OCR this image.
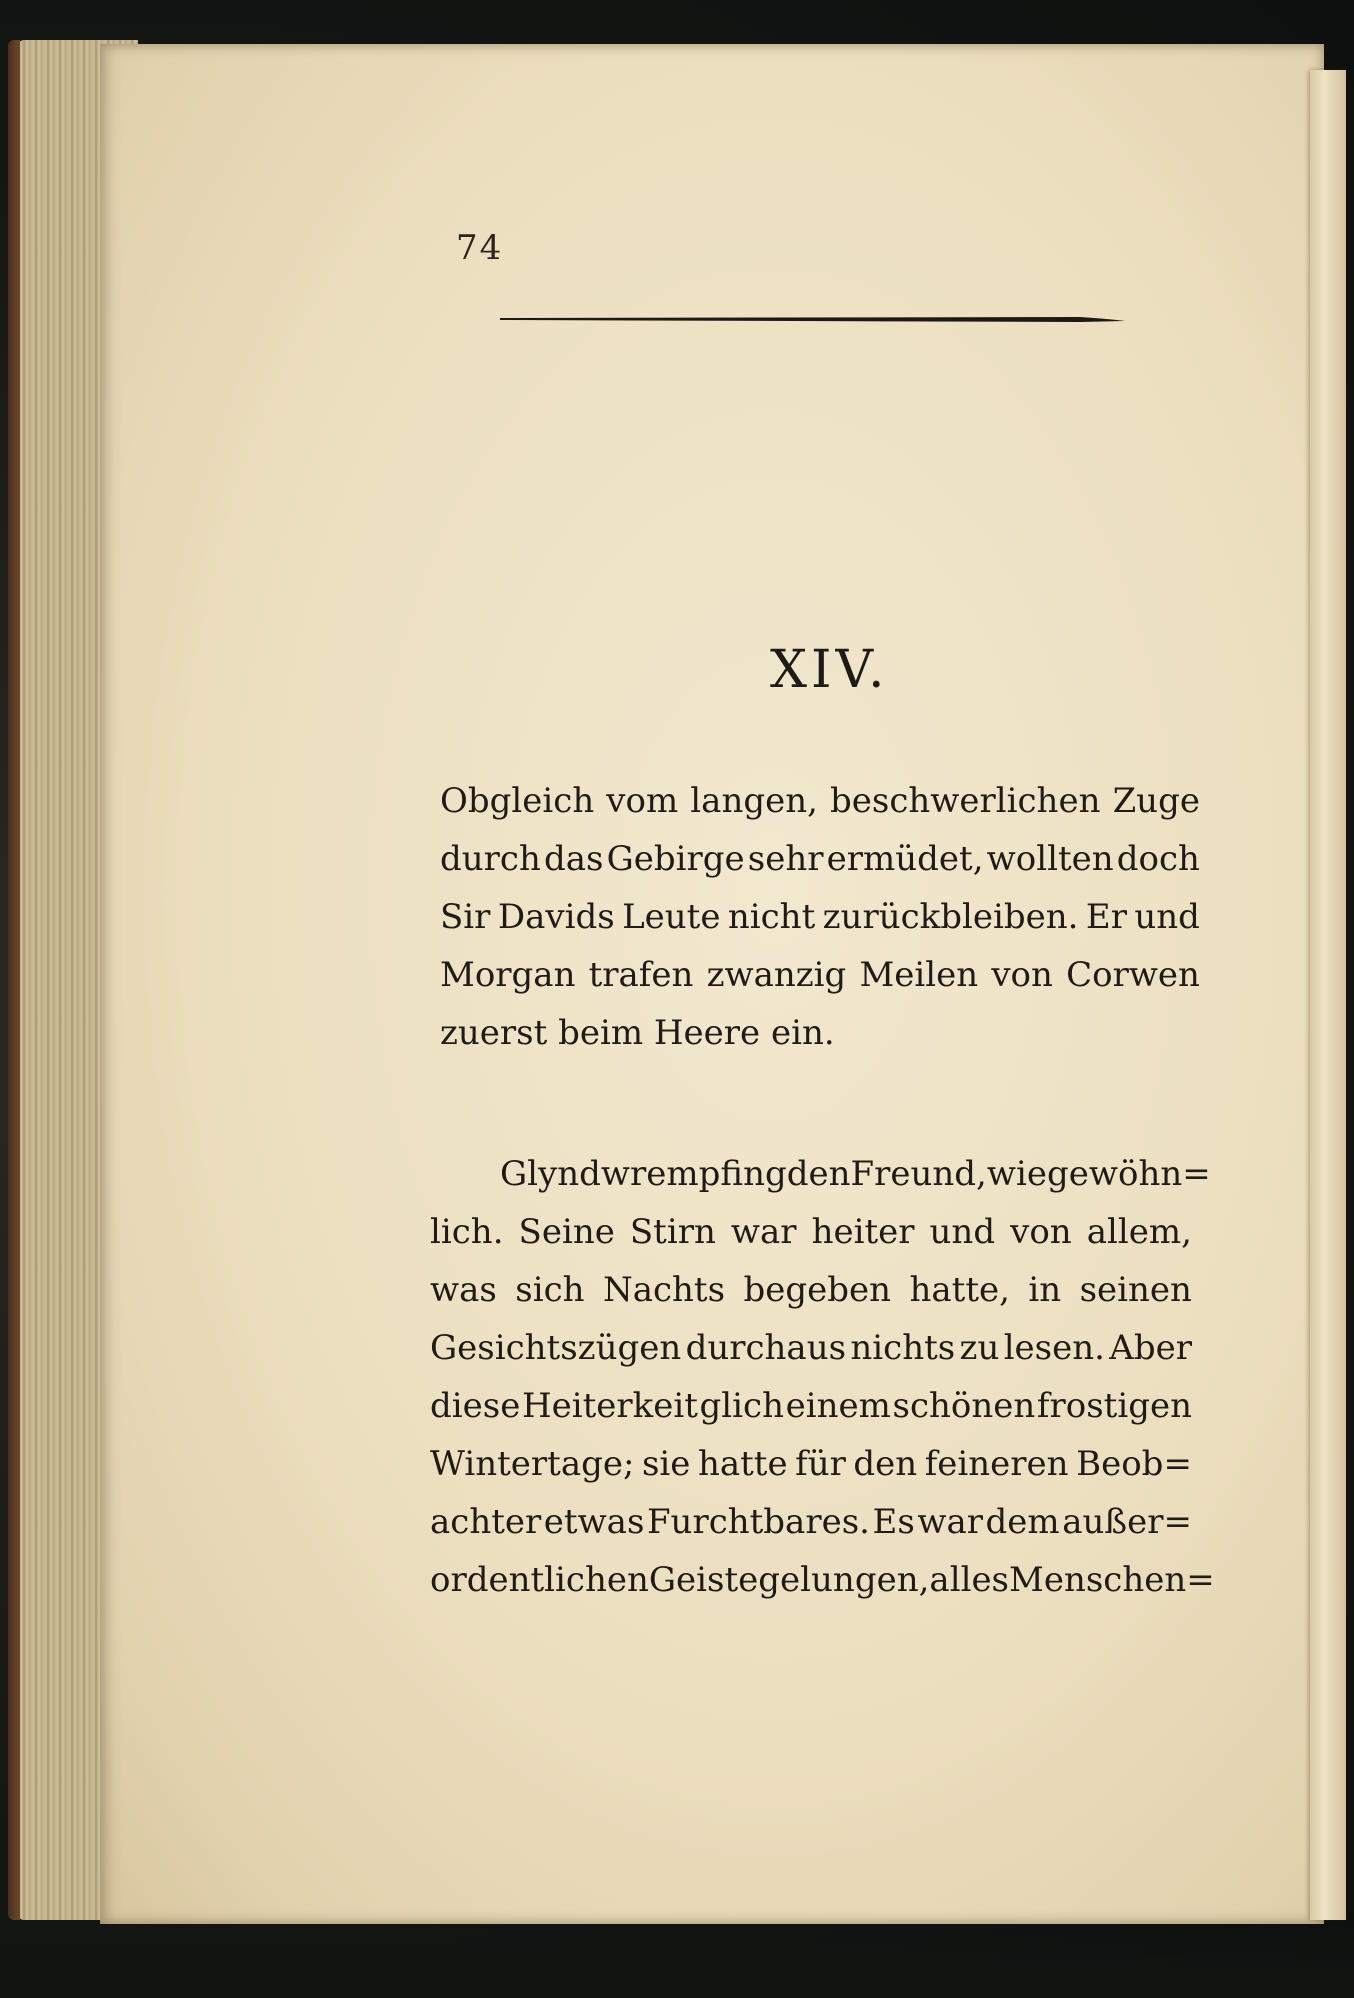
74
XIV.
Obgleich vom langen, beschwerlichen Zuge
durch das Gebirge sehr ermüdet, wollten doch
Sir Davids Leute nicht zurückbleiben. Er und
Morgan trafen zwanzig Meilen von Corwen
zuerst beim Heere ein.
Glyndwr empfing den Freund, wie gewöhn=
lich. Seine Stirn war heiter und von allem,
was sich Nachts begeben hatte, in seinen
Gesichtszügen durchaus nichts zu lesen. Aber
diese Heiterkeit glich einem schönen frostigen
Wintertage; sie hatte für den feineren Beob=
achter etwas Furchtbares. Es war dem außer=
ordentlichen Geiste gelungen, alles Menschen=
